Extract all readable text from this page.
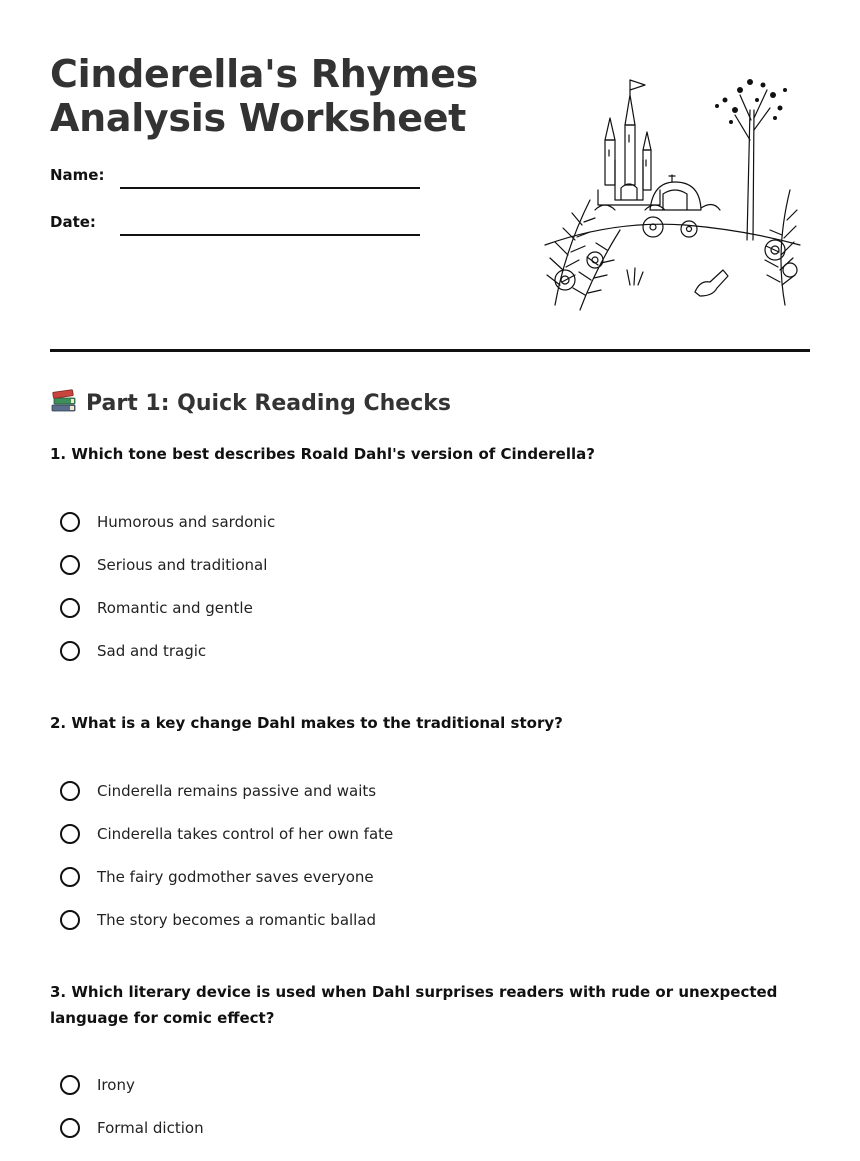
Cinderella's Rhymes
Analysis Worksheet
Name:
Date:
Part 1: Quick Reading Checks

1. Which tone best describes Roald Dahl's version of Cinderella?

Humorous and sardonic
Serious and traditional
Romantic and gentle
Sad and tragic

2. What is a key change Dahl makes to the traditional story?

Cinderella remains passive and waits
Cinderella takes control of her own fate
The fairy godmother saves everyone
The story becomes a romantic ballad

3. Which literary device is used when Dahl surprises readers with rude or unexpected language for comic effect?

Irony
Formal diction
